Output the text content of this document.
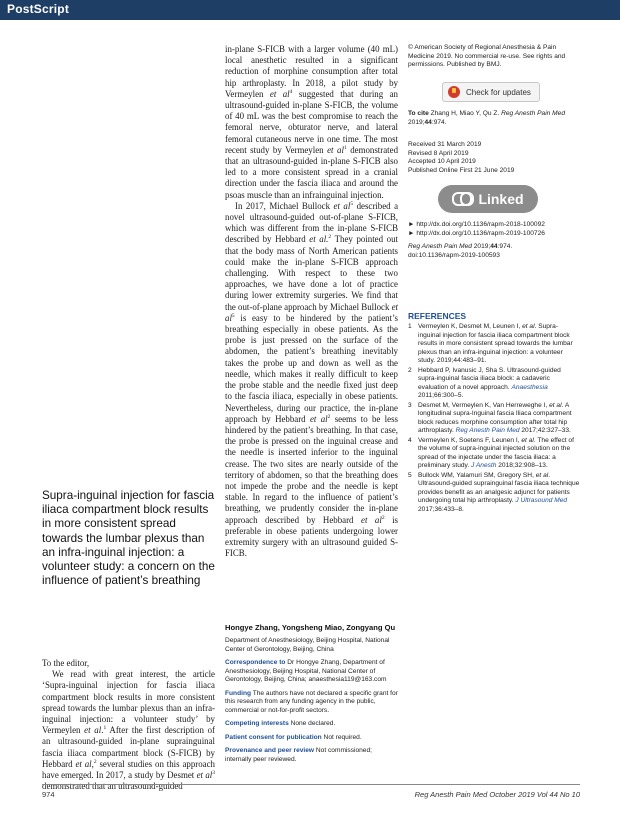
PostScript
Supra-inguinal injection for fascia iliaca compartment block results in more consistent spread towards the lumbar plexus than an infra-inguinal injection: a volunteer study: a concern on the influence of patient’s breathing

To the editor,

We read with great interest, the article ‘Supra-inguinal injection for fascia iliaca compartment block results in more consistent spread towards the lumbar plexus than an infra-inguinal injection: a volunteer study’ by Vermeylen et al.$^1$ After the first description of an ultrasound-guided in-plane suprainguinal fascia iliaca compartment block (S-FICB) by Hebbard et al,$^2$ several studies on this approach have emerged. In 2017, a study by Desmet et $al^3$ demonstrated that an ultrasound-guided

in-plane S-FICB with a larger volume (40 mL) local anesthetic resulted in a significant reduction of morphine consumption after total hip arthroplasty. In 2018, a pilot study by Vermeylen et $al^4$ suggested that during an ultrasound-guided in-plane S-FICB, the volume of 40 mL was the best compromise to reach the femoral nerve, obturator nerve, and lateral femoral cutaneous nerve in one time. The most recent study by Vermeylen et $al^1$ demonstrated that an ultrasound-guided in-plane S-FICB also led to a more consistent spread in a cranial direction under the fascia iliaca and around the psoas muscle than an infrainguinal injection.

In 2017, Michael Bullock et $al^5$ described a novel ultrasound-guided out-of-plane S-FICB, which was different from the in-plane S-FICB described by Hebbard et al.$^2$ They pointed out that the body mass of North American patients could make the in-plane S-FICB approach challenging. With respect to these two approaches, we have done a lot of practice during lower extremity surgeries. We find that the out-of-plane approach by Michael Bullock et $al^5$ is easy to be hindered by the patient’s breathing especially in obese patients. As the probe is just pressed on the surface of the abdomen, the patient’s breathing inevitably takes the probe up and down as well as the needle, which makes it really difficult to keep the probe stable and the needle fixed just deep to the fascia iliaca, especially in obese patients. Nevertheless, during our practice, the in-plane approach by Hebbard et $al^2$ seems to be less hindered by the patient’s breathing. In that case, the probe is pressed on the inguinal crease and the needle is inserted inferior to the inguinal crease. The two sites are nearly outside of the territory of abdomen, so that the breathing does not impede the probe and the needle is kept stable. In regard to the influence of patient’s breathing, we prudently consider the in-plane approach described by Hebbard et $al^2$ is preferable in obese patients undergoing lower extremity surgery with an ultrasound guided S-FICB.

Hongye Zhang, Yongsheng Miao, Zongyang Qu
Department of Anesthesiology, Beijing Hospital, National Center of Gerontology, Beijing, China
Correspondence to Dr Hongye Zhang, Department of Anesthesiology, Beijing Hospital, National Center of Gerontology, Beijing, China; anaesthesia119@163.com
Funding The authors have not declared a specific grant for this research from any funding agency in the public, commercial or not-for-profit sectors.
Competing interests None declared.
Patient consent for publication Not required.
Provenance and peer review Not commissioned; internally peer reviewed.
© American Society of Regional Anesthesia & Pain Medicine 2019. No commercial re-use. See rights and permissions. Published by BMJ.
Check for updates
To cite Zhang H, Miao Y, Qu Z. Reg Anesth Pain Med 2019;44:974.
Received 31 March 2019
Revised 8 April 2019
Accepted 10 April 2019
Published Online First 21 June 2019
Linked
► http://dx.doi.org/10.1136/rapm-2018-100092
► http://dx.doi.org/10.1136/rapm-2019-100726
Reg Anesth Pain Med 2019;44:974.
doi:10.1136/rapm-2019-100593
REFERENCES
1 Vermeylen K, Desmet M, Leunen I, et al. Supra-inguinal injection for fascia iliaca compartment block results in more consistent spread towards the lumbar plexus than an infra-inguinal injection: a volunteer study. 2019;44:483–91.
2 Hebbard P, Ivanusic J, Sha S. Ultrasound-guided supra-inguinal fascia iliaca block: a cadaveric evaluation of a novel approach. Anaesthesia 2011;66:300–5.
3 Desmet M, Vermeylen K, Van Herreweghe I, et al. A longitudinal supra-Inguinal fascia Iliaca compartment block reduces morphine consumption after total hip arthroplasty. Reg Anesth Pain Med 2017;42:327–33.
4 Vermeylen K, Soetens F, Leunen I, et al. The effect of the volume of supra-inguinal injected solution on the spread of the injectate under the fascia iliaca: a preliminary study. J Anesth 2018;32:908–13.
5 Bullock WM, Yalamuri SM, Gregory SH, et al. Ultrasound-guided suprainguinal fascia iliaca technique provides benefit as an analgesic adjunct for patients undergoing total hip arthroplasty. J Ultrasound Med 2017;36:433–8.
974	Reg Anesth Pain Med October 2019 Vol 44 No 10
